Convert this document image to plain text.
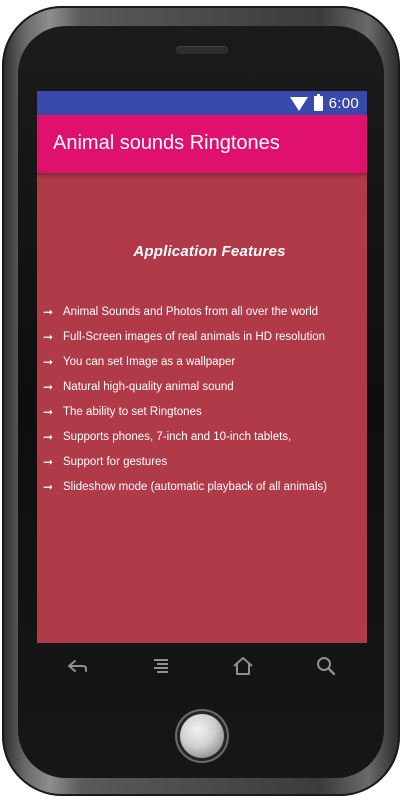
6:00
Animal sounds Ringtones
Application Features
➞ Animal Sounds and Photos from all over the world
➞ Full-Screen images of real animals in HD resolution
➞ You can set Image as a wallpaper
➞ Natural high-quality animal sound
➞ The ability to set Ringtones
➞ Supports phones, 7-inch and 10-inch tablets,
➞ Support for gestures
➞ Slideshow mode (automatic playback of all animals)
